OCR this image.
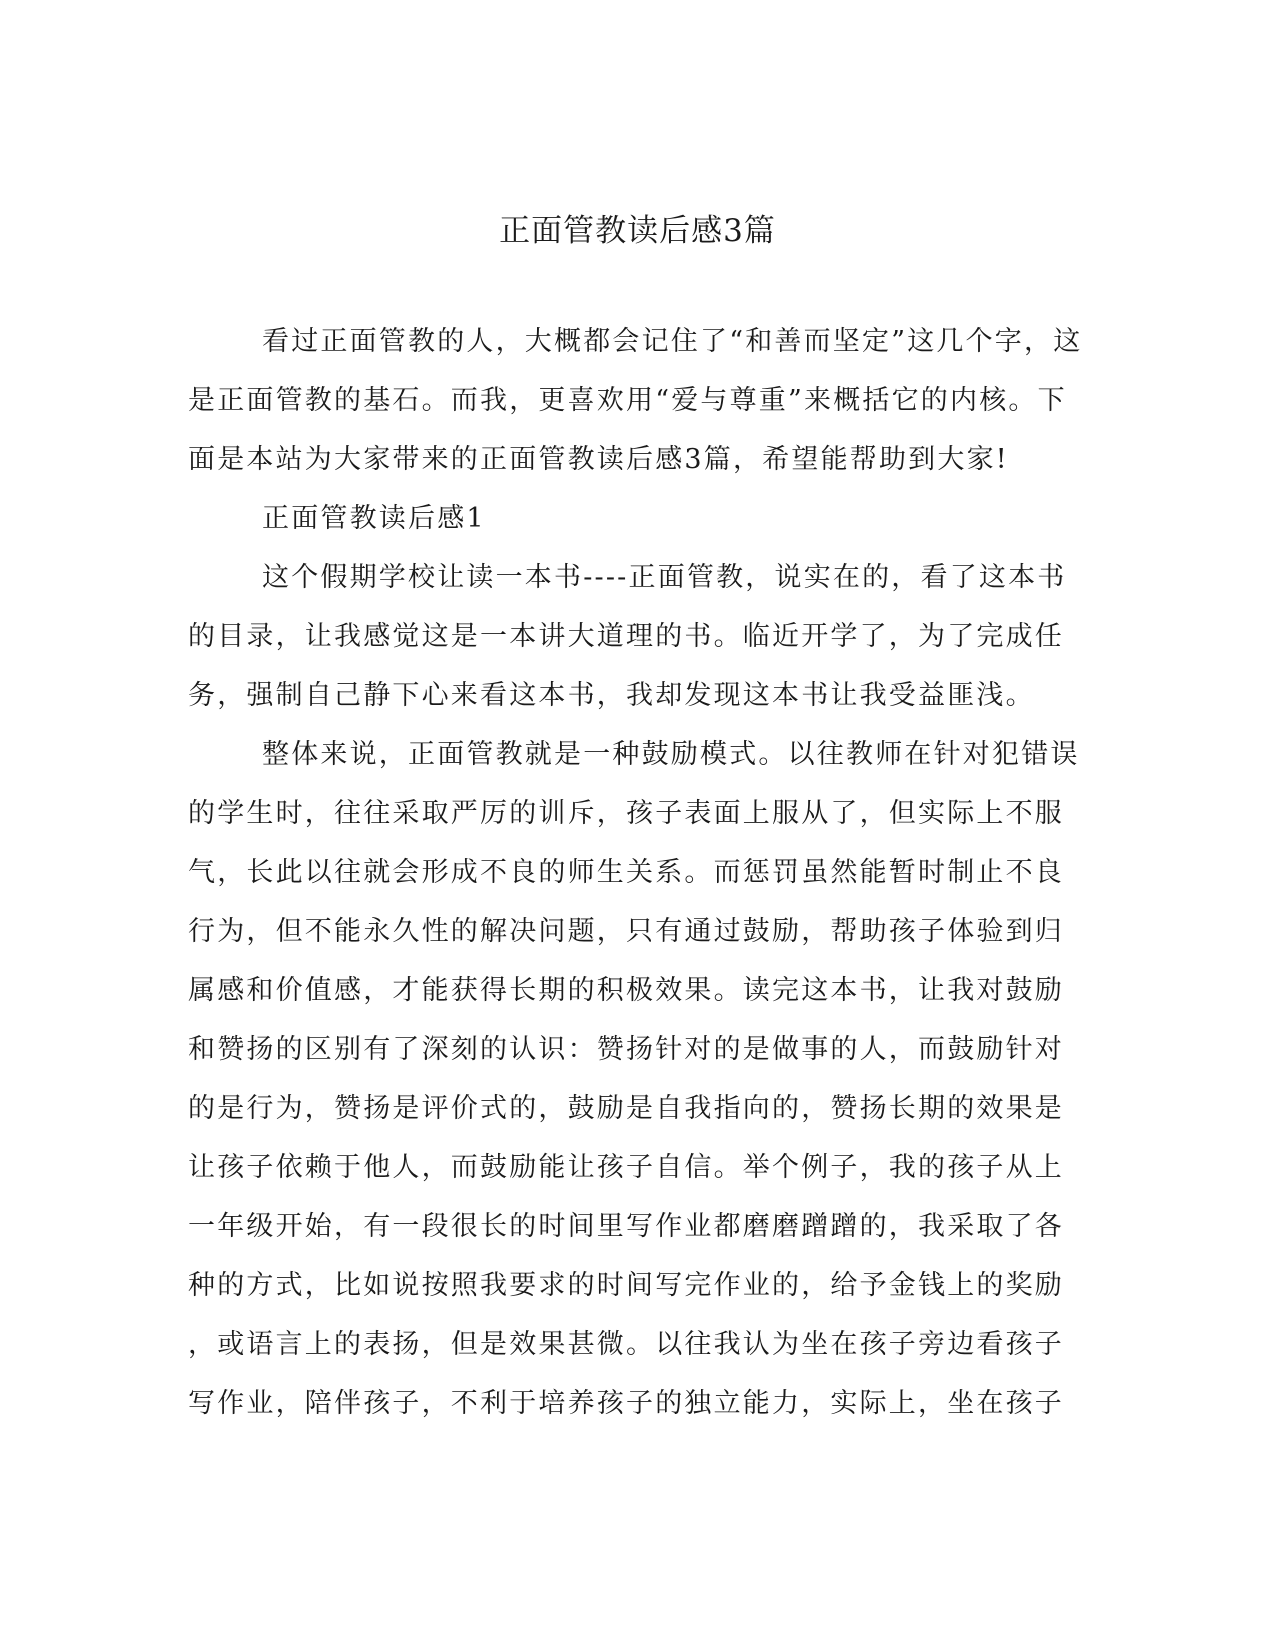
正面管教读后感3篇
看过正面管教的人，大概都会记住了“和善而坚定”这几个字，这
是正面管教的基石。而我，更喜欢用“爱与尊重”来概括它的内核。下
面是本站为大家带来的正面管教读后感3篇，希望能帮助到大家!
正面管教读后感1
这个假期学校让读一本书----正面管教，说实在的，看了这本书
的目录，让我感觉这是一本讲大道理的书。临近开学了，为了完成任
务，强制自己静下心来看这本书，我却发现这本书让我受益匪浅。
整体来说，正面管教就是一种鼓励模式。以往教师在针对犯错误
的学生时，往往采取严厉的训斥，孩子表面上服从了，但实际上不服
气，长此以往就会形成不良的师生关系。而惩罚虽然能暂时制止不良
行为，但不能永久性的解决问题，只有通过鼓励，帮助孩子体验到归
属感和价值感，才能获得长期的积极效果。读完这本书，让我对鼓励
和赞扬的区别有了深刻的认识：赞扬针对的是做事的人，而鼓励针对
的是行为，赞扬是评价式的，鼓励是自我指向的，赞扬长期的效果是
让孩子依赖于他人，而鼓励能让孩子自信。举个例子，我的孩子从上
一年级开始，有一段很长的时间里写作业都磨磨蹭蹭的，我采取了各
种的方式，比如说按照我要求的时间写完作业的，给予金钱上的奖励
，或语言上的表扬，但是效果甚微。以往我认为坐在孩子旁边看孩子
写作业，陪伴孩子，不利于培养孩子的独立能力，实际上，坐在孩子
